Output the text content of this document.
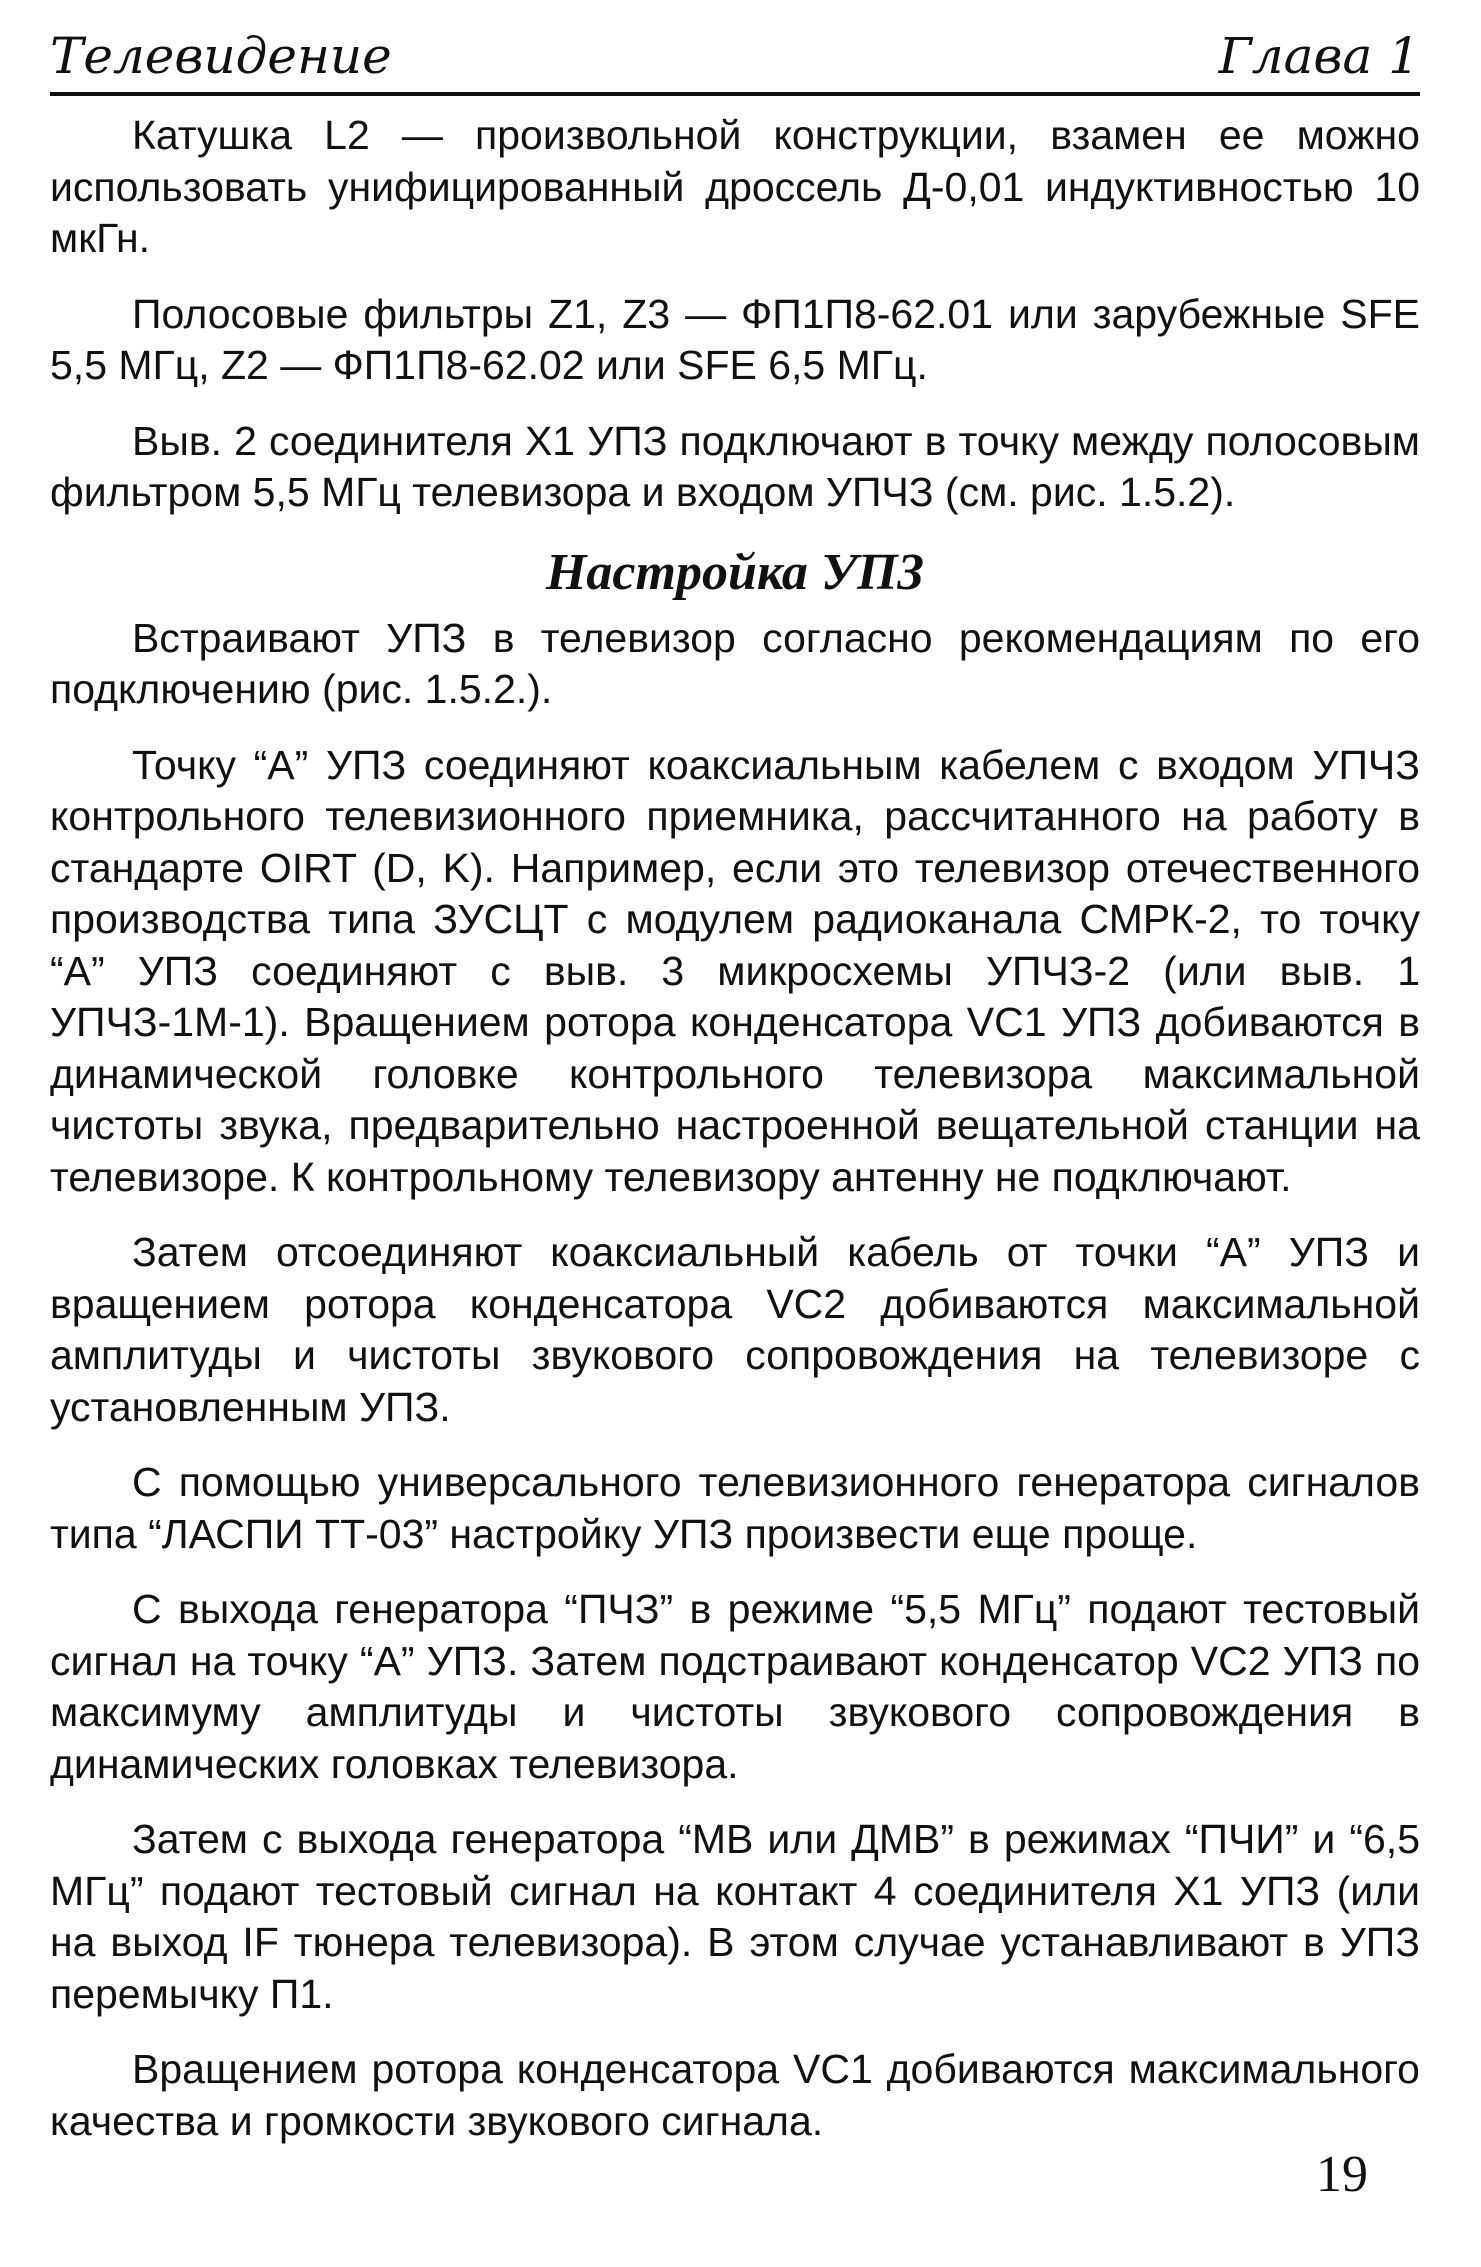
Телевидение	Глава 1

Катушка L2 — произвольной конструкции, взамен ее можно использовать унифицированный дроссель Д-0,01 индуктивностью 10 мкГн.

Полосовые фильтры Z1, Z3 — ФП1П8-62.01 или зарубежные SFE 5,5 МГц, Z2 — ФП1П8-62.02 или SFE 6,5 МГц.

Выв. 2 соединителя Х1 УПЗ подключают в точку между полосовым фильтром 5,5 МГц телевизора и входом УПЧЗ (см. рис. 1.5.2).

Настройка УПЗ

Встраивают УПЗ в телевизор согласно рекомендациям по его подключению (рис. 1.5.2.).

Точку “А” УПЗ соединяют коаксиальным кабелем с входом УПЧЗ контрольного телевизионного приемника, рассчитанного на работу в стандарте OIRT (D, K). Например, если это телевизор отечественного производства типа ЗУСЦТ с модулем радиоканала СМРК-2, то точку “А” УПЗ соединяют с выв. 3 микросхемы УПЧЗ-2 (или выв. 1 УПЧЗ-1М-1). Вращением ротора конденсатора VC1 УПЗ добиваются в динамической головке контрольного телевизора максимальной чистоты звука, предварительно настроенной вещательной станции на телевизоре. К контрольному телевизору антенну не подключают.

Затем отсоединяют коаксиальный кабель от точки “А” УПЗ и вращением ротора конденсатора VC2 добиваются максимальной амплитуды и чистоты звукового сопровождения на телевизоре с установленным УПЗ.

С помощью универсального телевизионного генератора сигналов типа “ЛАСПИ ТТ-03” настройку УПЗ произвести еще проще.

С выхода генератора “ПЧЗ” в режиме “5,5 МГц” подают тестовый сигнал на точку “А” УПЗ. Затем подстраивают конденсатор VC2 УПЗ по максимуму амплитуды и чистоты звукового сопровождения в динамических головках телевизора.

Затем с выхода генератора “МВ или ДМВ” в режимах “ПЧИ” и “6,5 МГц” подают тестовый сигнал на контакт 4 соединителя Х1 УПЗ (или на выход IF тюнера телевизора). В этом случае устанавливают в УПЗ перемычку П1.

Вращением ротора конденсатора VC1 добиваются максимального качества и громкости звукового сигнала.

19
